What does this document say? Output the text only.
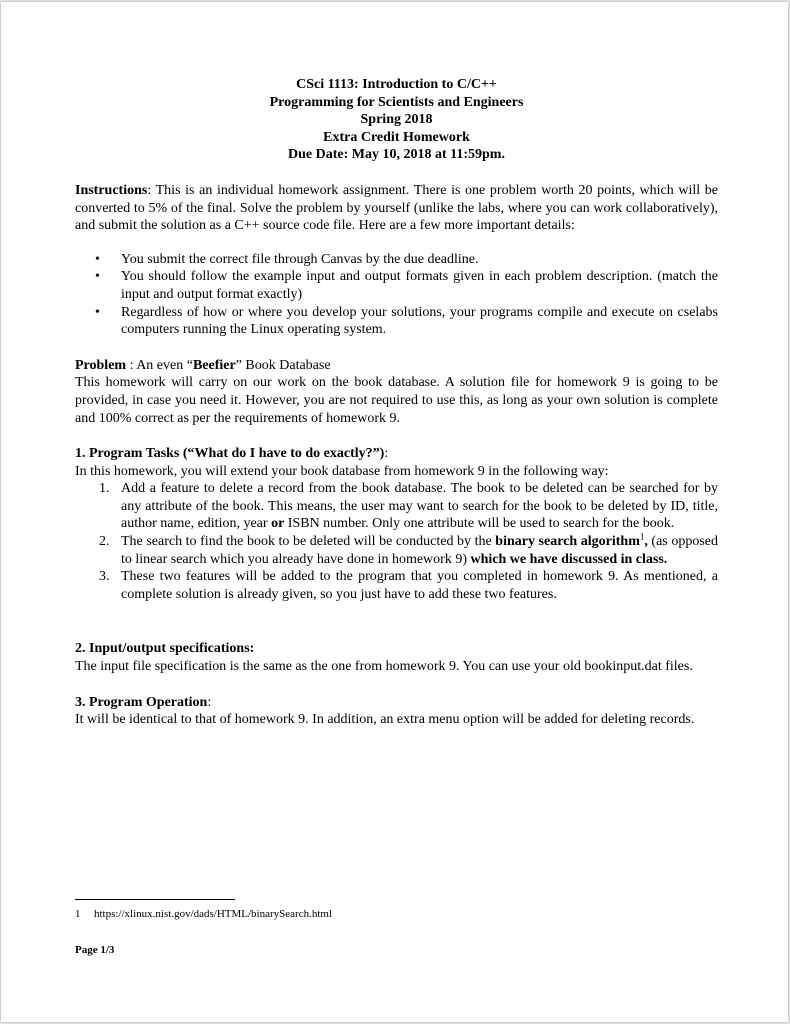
CSci 1113: Introduction to C/C++
Programming for Scientists and Engineers
Spring 2018
Extra Credit Homework
Due Date: May 10, 2018 at 11:59pm.

Instructions: This is an individual homework assignment. There is one problem worth 20 points, which will be converted to 5% of the final. Solve the problem by yourself (unlike the labs, where you can work collaboratively), and submit the solution as a C++ source code file. Here are a few more important details:

• You submit the correct file through Canvas by the due deadline.
• You should follow the example input and output formats given in each problem description. (match the input and output format exactly)
• Regardless of how or where you develop your solutions, your programs compile and execute on cselabs computers running the Linux operating system.

Problem : An even “Beefier” Book Database

This homework will carry on our work on the book database. A solution file for homework 9 is going to be provided, in case you need it. However, you are not required to use this, as long as your own solution is complete and 100% correct as per the requirements of homework 9.

1. Program Tasks (“What do I have to do exactly?”):

In this homework, you will extend your book database from homework 9 in the following way:

1. Add a feature to delete a record from the book database. The book to be deleted can be searched for by any attribute of the book. This means, the user may want to search for the book to be deleted by ID, title, author name, edition, year or ISBN number. Only one attribute will be used to search for the book.
2. The search to find the book to be deleted will be conducted by the binary search algorithm$^1$, (as opposed to linear search which you already have done in homework 9) which we have discussed in class.
3. These two features will be added to the program that you completed in homework 9. As mentioned, a complete solution is already given, so you just have to add these two features.

2. Input/output specifications:

The input file specification is the same as the one from homework 9. You can use your old bookinput.dat files.

3. Program Operation:

It will be identical to that of homework 9. In addition, an extra menu option will be added for deleting records.

1 https://xlinux.nist.gov/dads/HTML/binarySearch.html
Page 1/3
